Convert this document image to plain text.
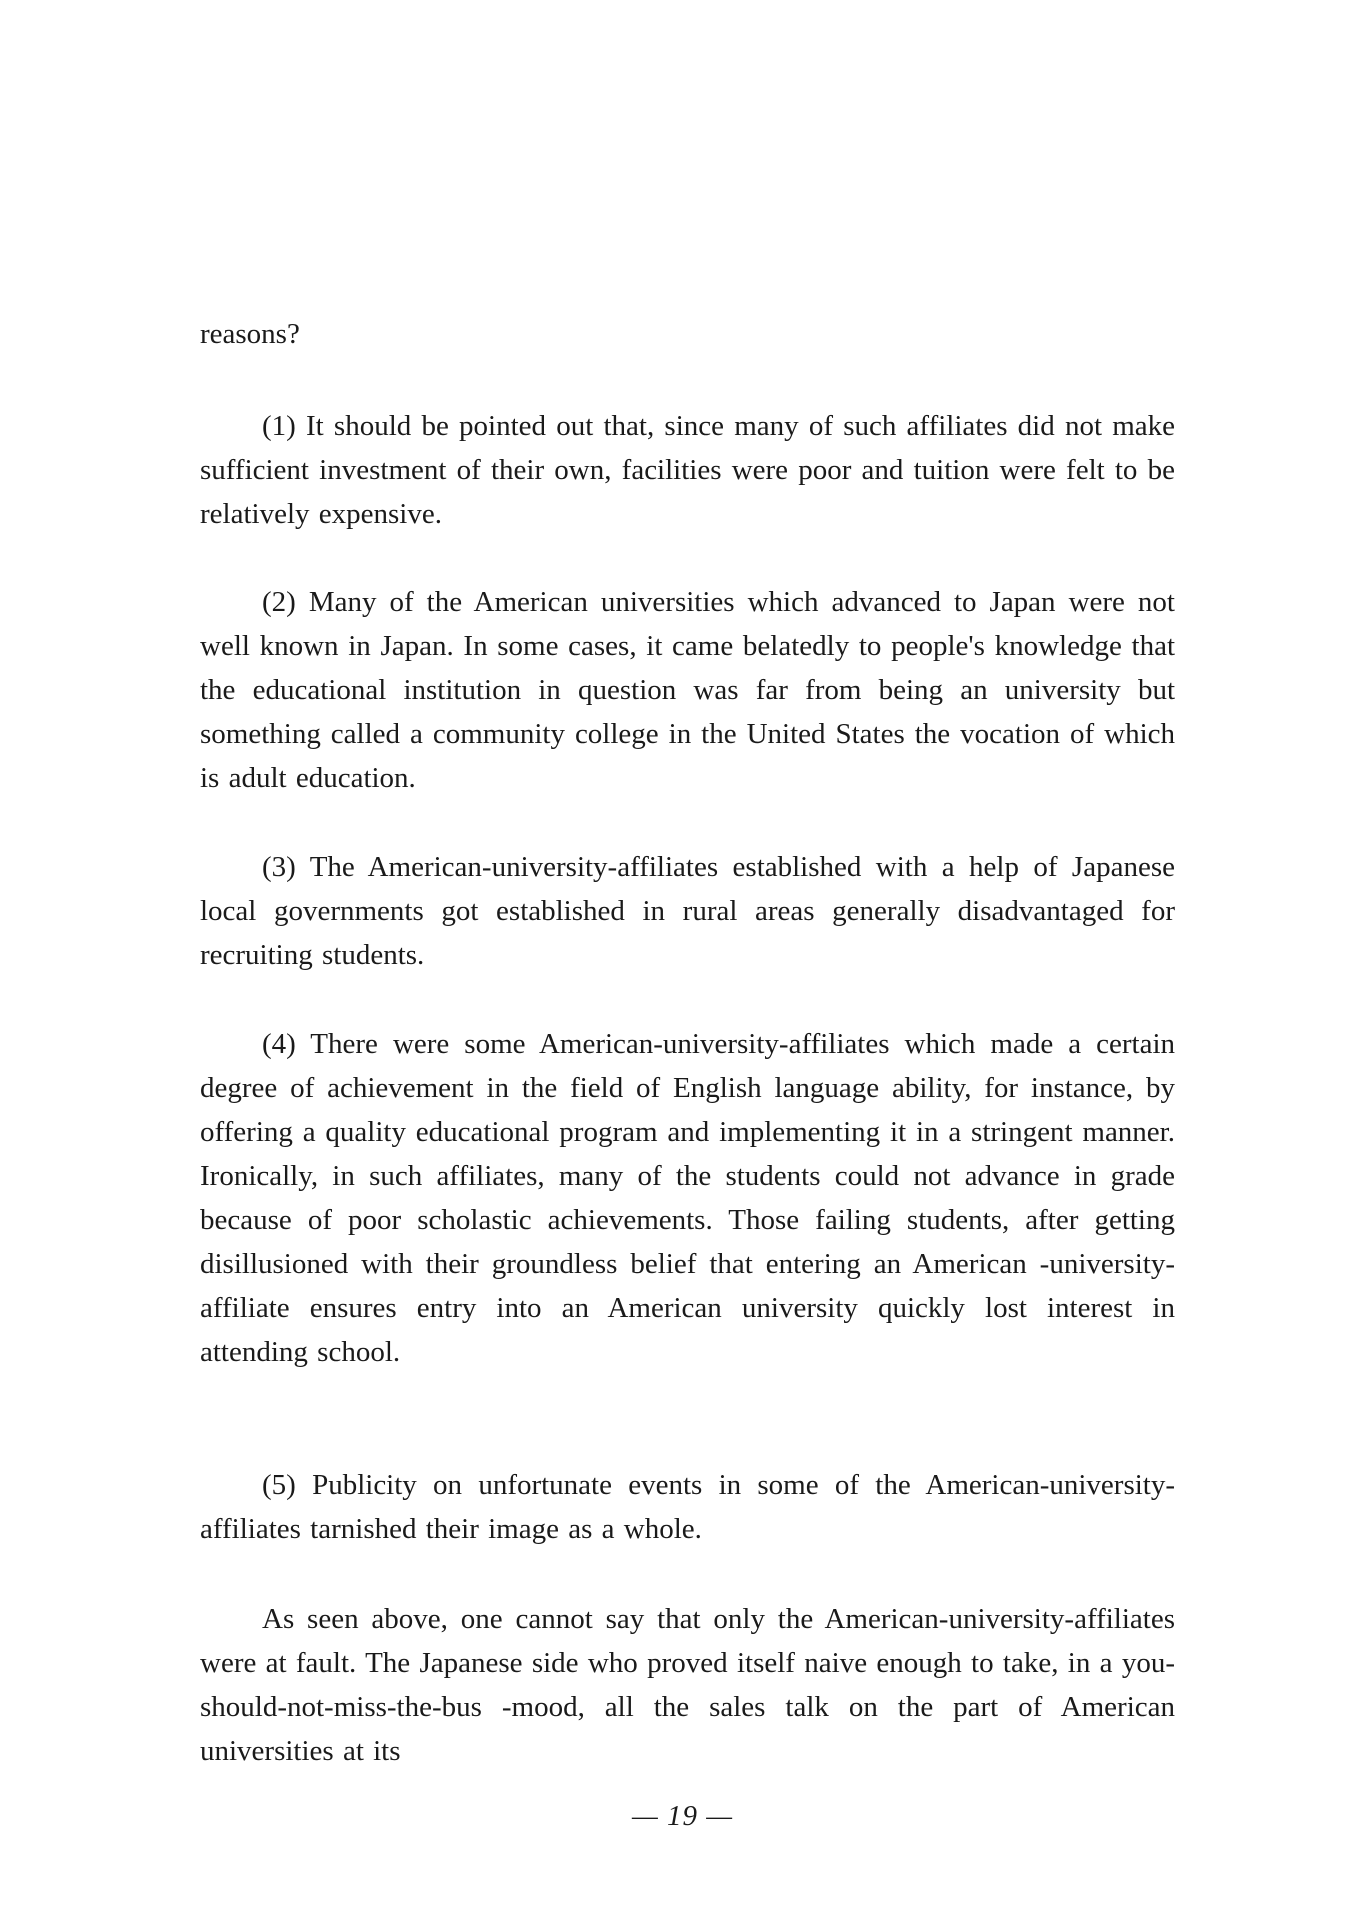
reasons?

(1) It should be pointed out that, since many of such affiliates did not make sufficient investment of their own, facilities were poor and tuition were felt to be relatively expensive.

(2) Many of the American universities which advanced to Japan were not well known in Japan. In some cases, it came belatedly to people's knowledge that the educational institution in question was far from being an university but something called a community college in the United States the vocation of which is adult education.

(3) The American-university-affiliates established with a help of Japanese local governments got established in rural areas generally disadvantaged for recruiting students.

(4) There were some American-university-affiliates which made a certain degree of achievement in the field of English language ability, for instance, by offering a quality educational program and implementing it in a stringent manner. Ironically, in such affiliates, many of the students could not advance in grade because of poor scholastic achievements. Those failing students, after getting disillusioned with their groundless belief that entering an American -university-affiliate ensures entry into an American university quickly lost interest in attending school.

(5) Publicity on unfortunate events in some of the American-university-affiliates tarnished their image as a whole.

As seen above, one cannot say that only the American-university-affiliates were at fault. The Japanese side who proved itself naive enough to take, in a you-should-not-miss-the-bus -mood, all the sales talk on the part of American universities at its

— 19 —
